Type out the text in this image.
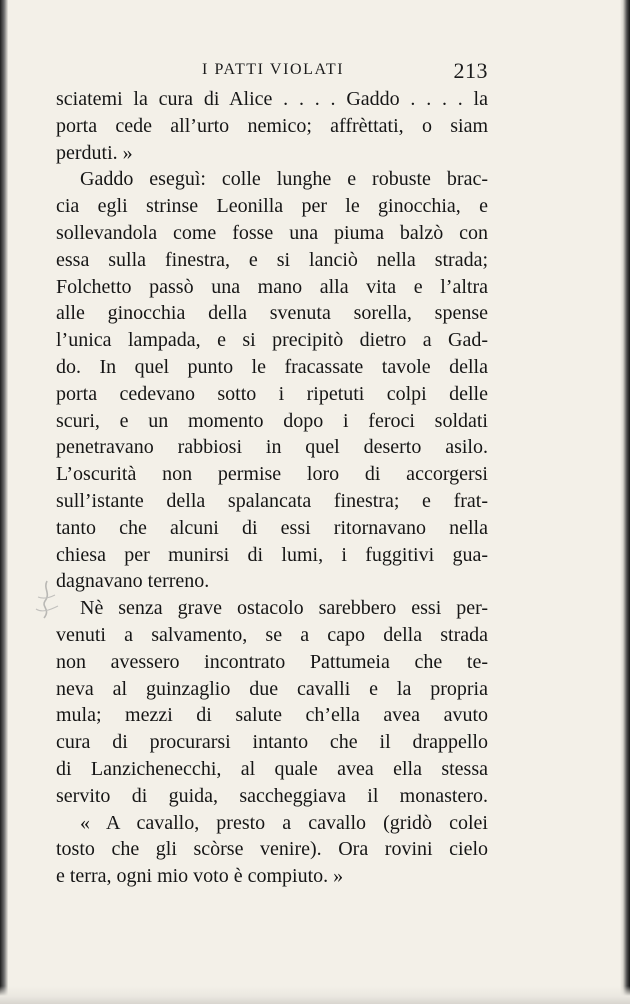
I PATTI VIOLATI	213
sciatemi la cura di Alice . . . . Gaddo . . . . la
porta cede all’urto nemico; affrèttati, o siam
perduti. »
Gaddo eseguì: colle lunghe e robuste brac-
cia egli strinse Leonilla per le ginocchia, e
sollevandola come fosse una piuma balzò con
essa sulla finestra, e si lanciò nella strada;
Folchetto passò una mano alla vita e l’altra
alle ginocchia della svenuta sorella, spense
l’unica lampada, e si precipitò dietro a Gad-
do. In quel punto le fracassate tavole della
porta cedevano sotto i ripetuti colpi delle
scuri, e un momento dopo i feroci soldati
penetravano rabbiosi in quel deserto asilo.
L’oscurità non permise loro di accorgersi
sull’istante della spalancata finestra; e frat-
tanto che alcuni di essi ritornavano nella
chiesa per munirsi di lumi, i fuggitivi gua-
dagnavano terreno.
Nè senza grave ostacolo sarebbero essi per-
venuti a salvamento, se a capo della strada
non avessero incontrato Pattumeia che te-
neva al guinzaglio due cavalli e la propria
mula; mezzi di salute ch’ella avea avuto
cura di procurarsi intanto che il drappello
di Lanzichenecchi, al quale avea ella stessa
servito di guida, saccheggiava il monastero.
« A cavallo, presto a cavallo (gridò colei
tosto che gli scòrse venire). Ora rovini cielo
e terra, ogni mio voto è compiuto. »
